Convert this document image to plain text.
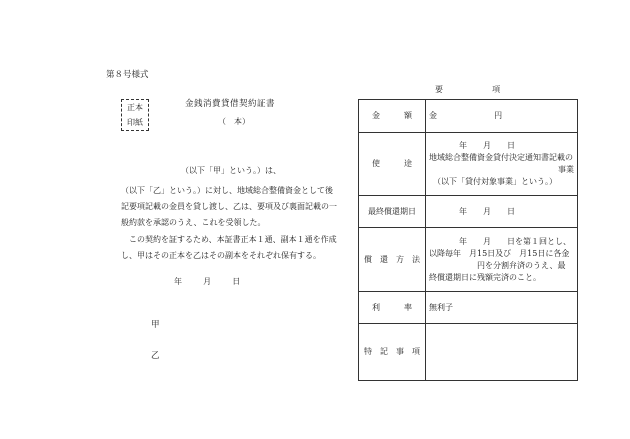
第８号様式
正本
印紙
金銭消費貸借契約証書
（　本）
（以下「甲」という。）は、
（以下「乙」という。）に対し、地域総合整備資金として後
記要項記載の金員を貸し渡し、乙は、要項及び裏面記載の一
般約款を承認のうえ、これを受領した。
　この契約を証するため、本証書正本１通、副本１通を作成
し、甲はその正本を乙はその副本をそれぞれ保有する。
年	月	日
甲
乙
要	項
金　　　額	金 円
使　　　途	年　　月　　日
地域総合整備資金貸付決定通知書記載の
事業
（以下「貸付対象事業」という。）

最終償還期日	年　　月　　日

償　還　方　法	年　　月　　日を第１回とし、
以降毎年　月15日及び　月15日に各金
円を分割弁済のうえ、最
終償還期日に残額完済のこと。

利　　　率	無利子
特　記　事　項	
